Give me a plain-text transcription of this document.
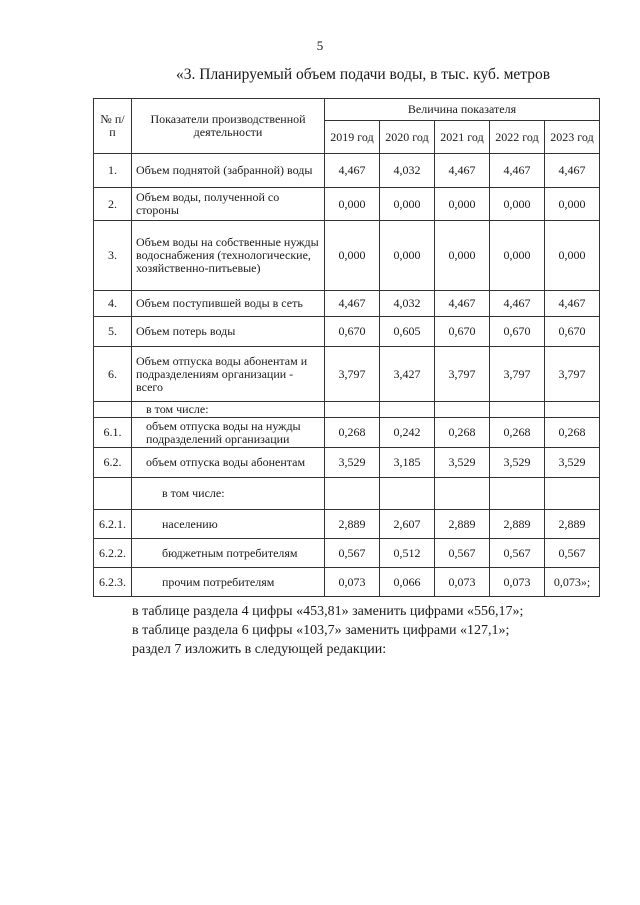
5
«3. Планируемый объем подачи воды, в тыс. куб. метров
№ п/п	Показатели производственной деятельности	Величина показателя				
		2019 год	2020 год	2021 год	2022 год	2023 год
1.	Объем поднятой (забранной) воды	4,467	4,032	4,467	4,467	4,467
2.	Объем воды, полученной со стороны	0,000	0,000	0,000	0,000	0,000
3.	Объем воды на собственные нужды водоснабжения (технологические, хозяйственно-питьевые)	0,000	0,000	0,000	0,000	0,000
4.	Объем поступившей воды в сеть	4,467	4,032	4,467	4,467	4,467
5.	Объем потерь воды	0,670	0,605	0,670	0,670	0,670
6.	Объем отпуска воды абонентам и подразделениям организации - всего	3,797	3,427	3,797	3,797	3,797
	в том числе:					
6.1.	объем отпуска воды на нужды подразделений организации	0,268	0,242	0,268	0,268	0,268
6.2.	объем отпуска воды абонентам	3,529	3,185	3,529	3,529	3,529
	в том числе:					
6.2.1.	населению	2,889	2,607	2,889	2,889	2,889
6.2.2.	бюджетным потребителям	0,567	0,512	0,567	0,567	0,567
6.2.3.	прочим потребителям	0,073	0,066	0,073	0,073	0,073»;
в таблице раздела 4 цифры «453,81» заменить цифрами «556,17»;
в таблице раздела 6 цифры «103,7» заменить цифрами «127,1»;
раздел 7 изложить в следующей редакции:
